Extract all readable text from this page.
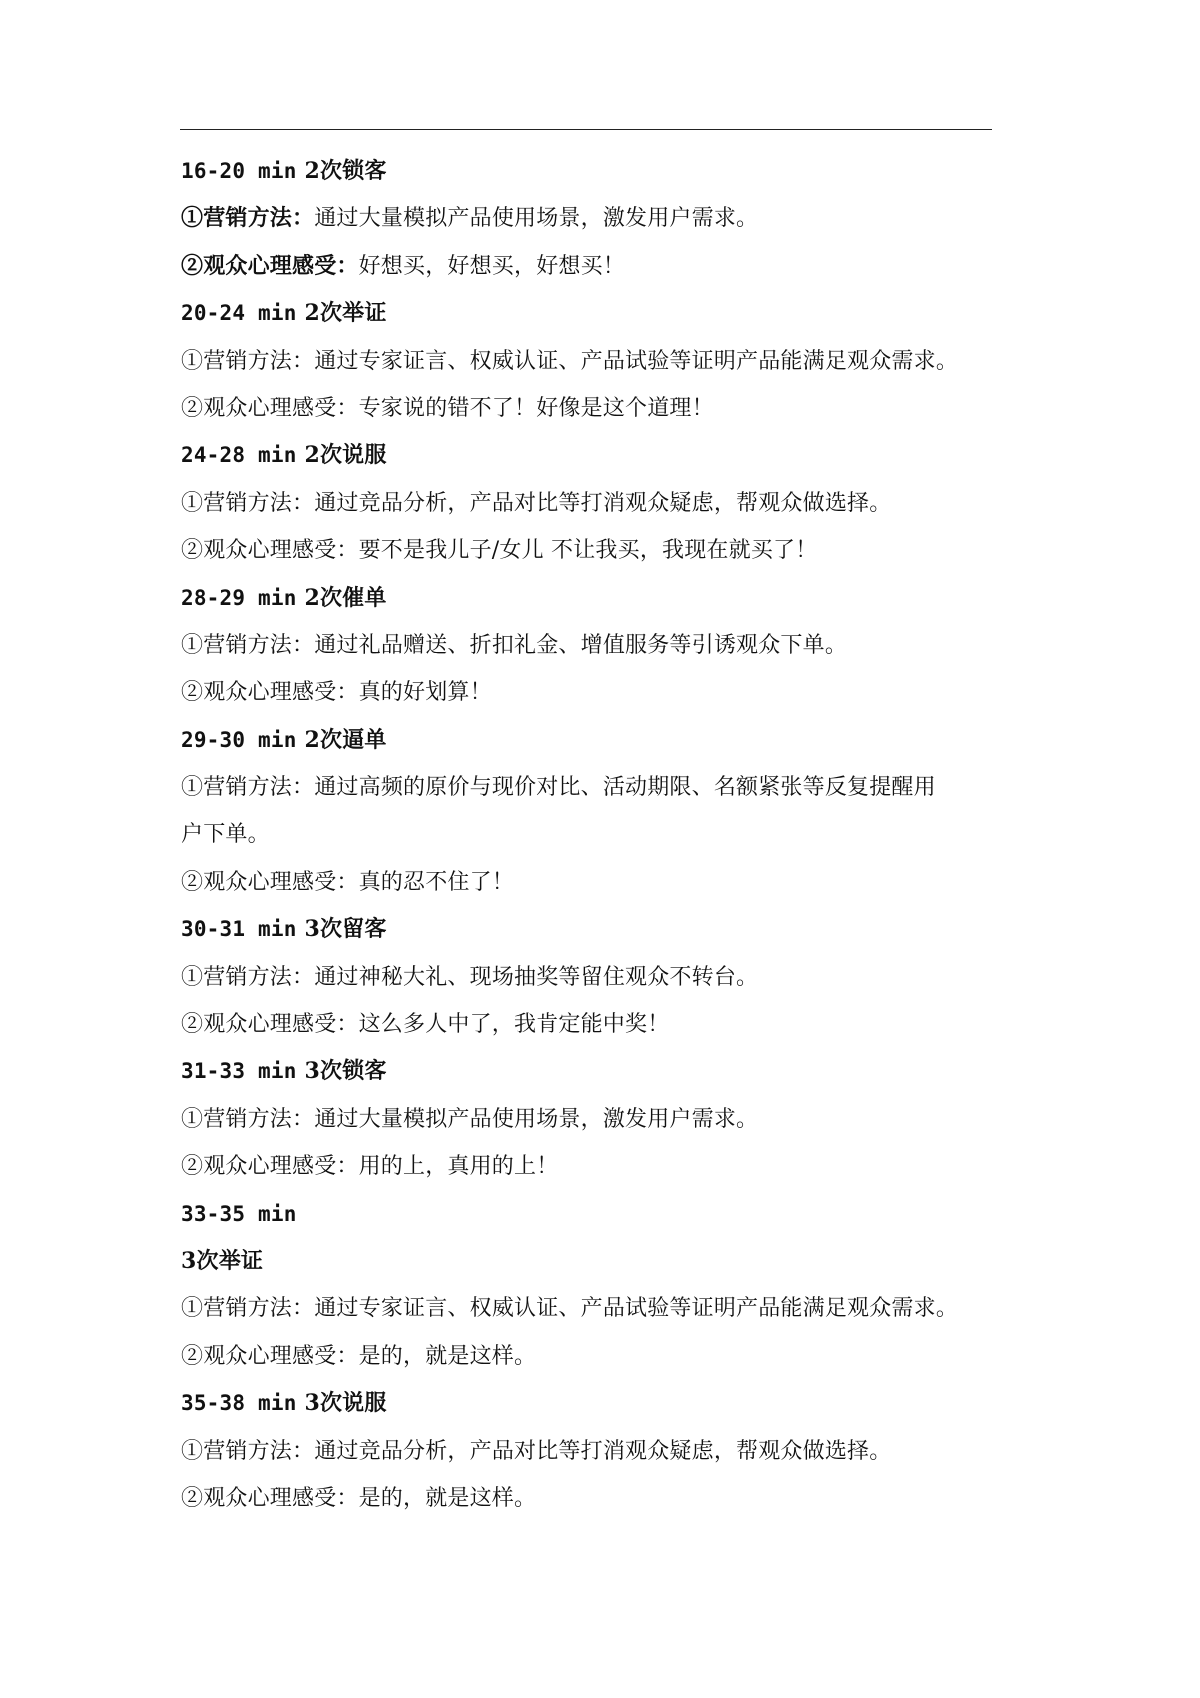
16-20 min 2次锁客
①营销方法：通过大量模拟产品使用场景，激发用户需求。
②观众心理感受：好想买，好想买，好想买！
20-24 min 2次举证
①营销方法：通过专家证言、权威认证、产品试验等证明产品能满足观众需求。
②观众心理感受：专家说的错不了！好像是这个道理！
24-28 min 2次说服
①营销方法：通过竞品分析，产品对比等打消观众疑虑，帮观众做选择。
②观众心理感受：要不是我儿子/女儿 不让我买，我现在就买了！
28-29 min 2次催单
①营销方法：通过礼品赠送、折扣礼金、增值服务等引诱观众下单。
②观众心理感受：真的好划算！
29-30 min 2次逼单
①营销方法：通过高频的原价与现价对比、活动期限、名额紧张等反复提醒用
户下单。
②观众心理感受：真的忍不住了！
30-31 min 3次留客
①营销方法：通过神秘大礼、现场抽奖等留住观众不转台。
②观众心理感受：这么多人中了，我肯定能中奖！
31-33 min 3次锁客
①营销方法：通过大量模拟产品使用场景，激发用户需求。
②观众心理感受：用的上，真用的上！
33-35 min
3次举证
①营销方法：通过专家证言、权威认证、产品试验等证明产品能满足观众需求。
②观众心理感受：是的，就是这样。
35-38 min 3次说服
①营销方法：通过竞品分析，产品对比等打消观众疑虑，帮观众做选择。
②观众心理感受：是的，就是这样。
